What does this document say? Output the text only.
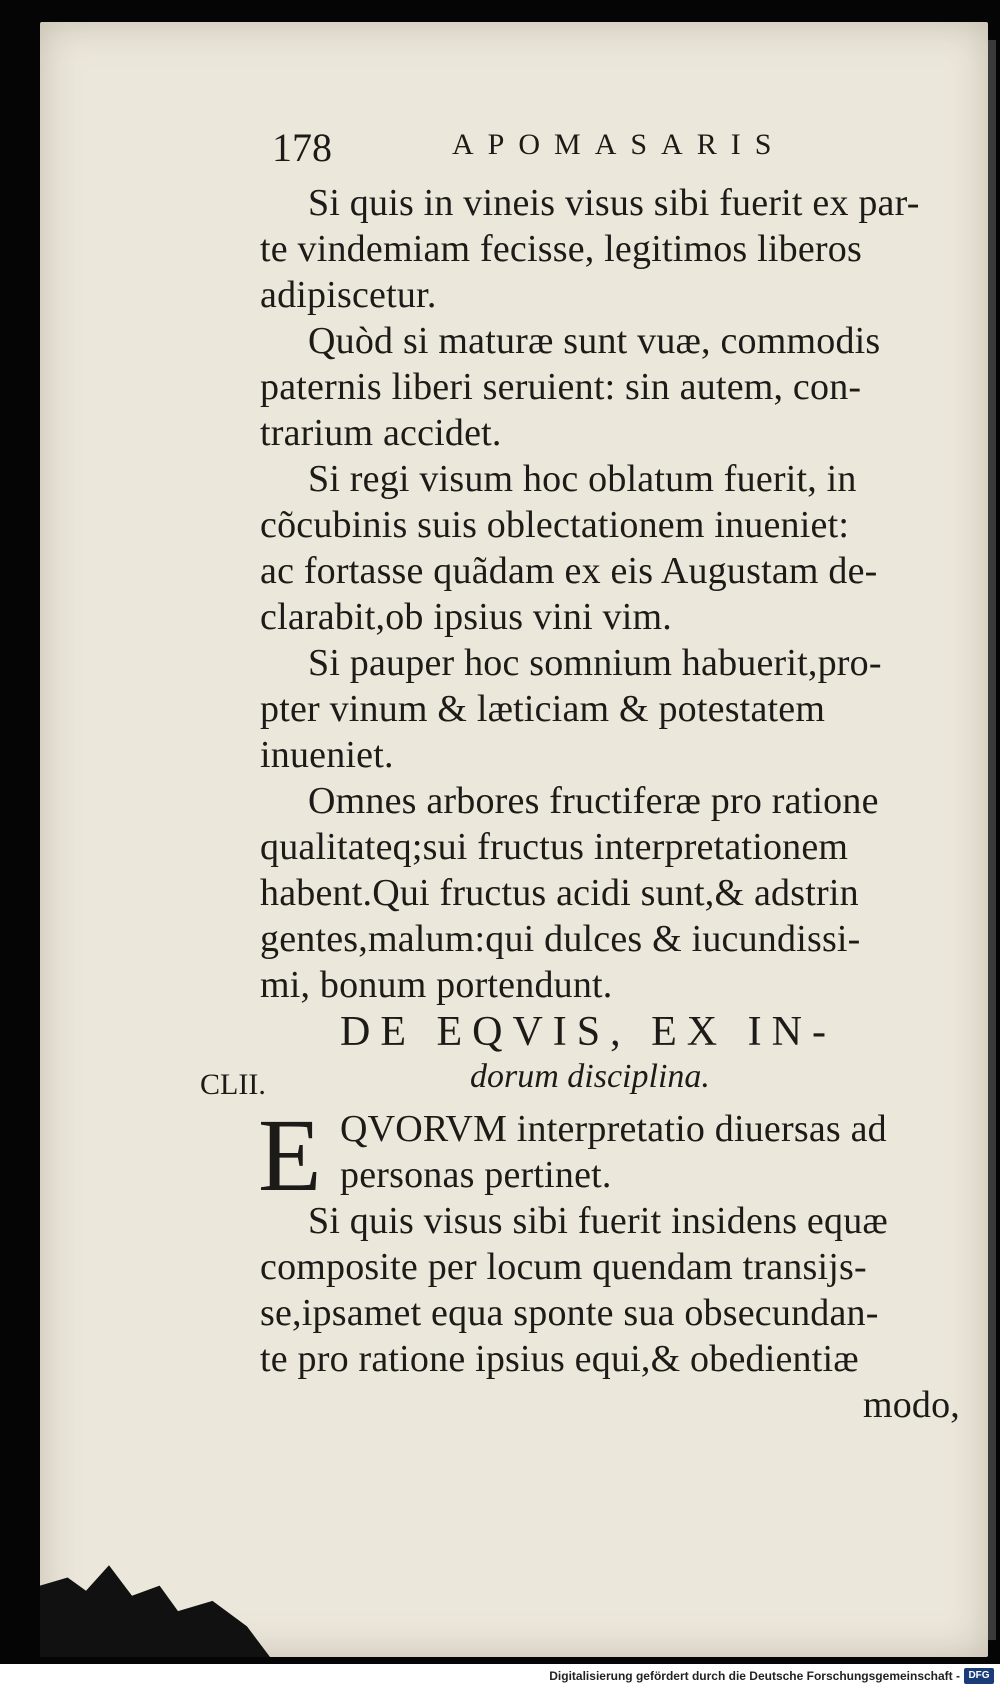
178	APOMASARIS
Si quis in vineis visus sibi fuerit ex par-
te vindemiam fecisse, legitimos liberos
adipiscetur.
Quòd si maturæ sunt vuæ, commodis
paternis liberi seruient: sin autem, con-
trarium accidet.
Si regi visum hoc oblatum fuerit, in
cõcubinis suis oblectationem inueniet:
ac fortasse quãdam ex eis Augustam de-
clarabit,ob ipsius vini vim.
Si pauper hoc somnium habuerit,pro-
pter vinum & læticiam & potestatem
inueniet.
Omnes arbores fructiferæ pro ratione
qualitateq;sui fructus interpretationem
habent.Qui fructus acidi sunt,& adstrin
gentes,malum:qui dulces & iucundissi-
mi, bonum portendunt.
DE EQVIS, EX IN-
dorum disciplina.
CLII.
E QVORVM interpretatio diuersas ad
personas pertinet.
Si quis visus sibi fuerit insidens equæ
composite per locum quendam transijs-
se,ipsamet equa sponte sua obsecundan-
te pro ratione ipsius equi,& obedientiæ
modo,
Digitalisierung gefördert durch die Deutsche Forschungsgemeinschaft - DFG
